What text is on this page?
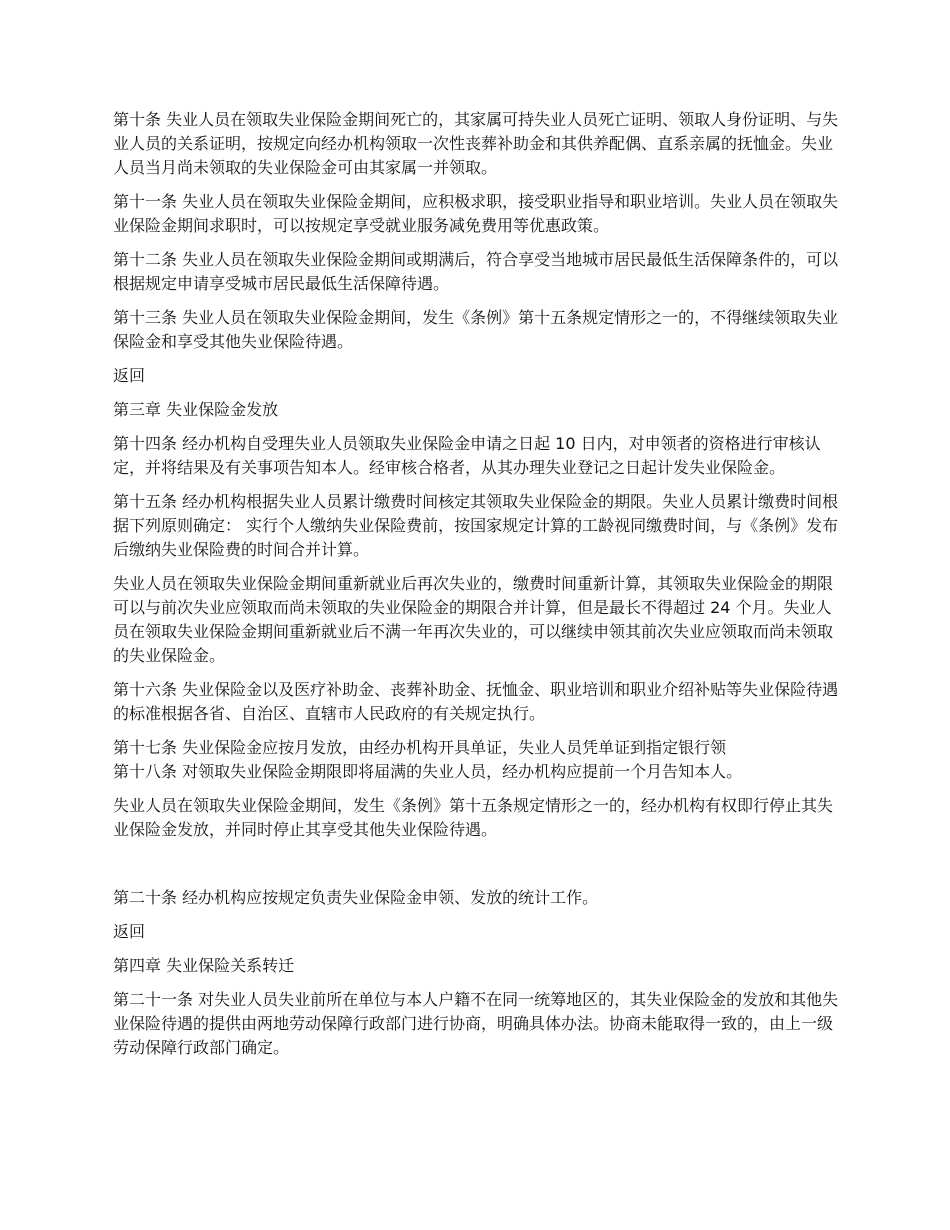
第十条 失业人员在领取失业保险金期间死亡的，其家属可持失业人员死亡证明、领取人身份证明、与失业人员的关系证明，按规定向经办机构领取一次性丧葬补助金和其供养配偶、直系亲属的抚恤金。失业人员当月尚未领取的失业保险金可由其家属一并领取。

第十一条 失业人员在领取失业保险金期间，应积极求职，接受职业指导和职业培训。失业人员在领取失业保险金期间求职时，可以按规定享受就业服务减免费用等优惠政策。

第十二条 失业人员在领取失业保险金期间或期满后，符合享受当地城市居民最低生活保障条件的，可以根据规定申请享受城市居民最低生活保障待遇。

第十三条 失业人员在领取失业保险金期间，发生《条例》第十五条规定情形之一的，不得继续领取失业保险金和享受其他失业保险待遇。

返回

第三章 失业保险金发放

第十四条 经办机构自受理失业人员领取失业保险金申请之日起 10 日内，对申领者的资格进行审核认定，并将结果及有关事项告知本人。经审核合格者，从其办理失业登记之日起计发失业保险金。

第十五条 经办机构根据失业人员累计缴费时间核定其领取失业保险金的期限。失业人员累计缴费时间根据下列原则确定： 实行个人缴纳失业保险费前，按国家规定计算的工龄视同缴费时间，与《条例》发布后缴纳失业保险费的时间合并计算。

失业人员在领取失业保险金期间重新就业后再次失业的，缴费时间重新计算，其领取失业保险金的期限可以与前次失业应领取而尚未领取的失业保险金的期限合并计算，但是最长不得超过 24 个月。失业人员在领取失业保险金期间重新就业后不满一年再次失业的，可以继续申领其前次失业应领取而尚未领取的失业保险金。

第十六条 失业保险金以及医疗补助金、丧葬补助金、抚恤金、职业培训和职业介绍补贴等失业保险待遇的标准根据各省、自治区、直辖市人民政府的有关规定执行。

第十七条 失业保险金应按月发放，由经办机构开具单证，失业人员凭单证到指定银行领

第十八条 对领取失业保险金期限即将届满的失业人员，经办机构应提前一个月告知本人。

失业人员在领取失业保险金期间，发生《条例》第十五条规定情形之一的，经办机构有权即行停止其失业保险金发放，并同时停止其享受其他失业保险待遇。

第二十条 经办机构应按规定负责失业保险金申领、发放的统计工作。

返回

第四章 失业保险关系转迁

第二十一条 对失业人员失业前所在单位与本人户籍不在同一统筹地区的，其失业保险金的发放和其他失业保险待遇的提供由两地劳动保障行政部门进行协商，明确具体办法。协商未能取得一致的，由上一级劳动保障行政部门确定。
